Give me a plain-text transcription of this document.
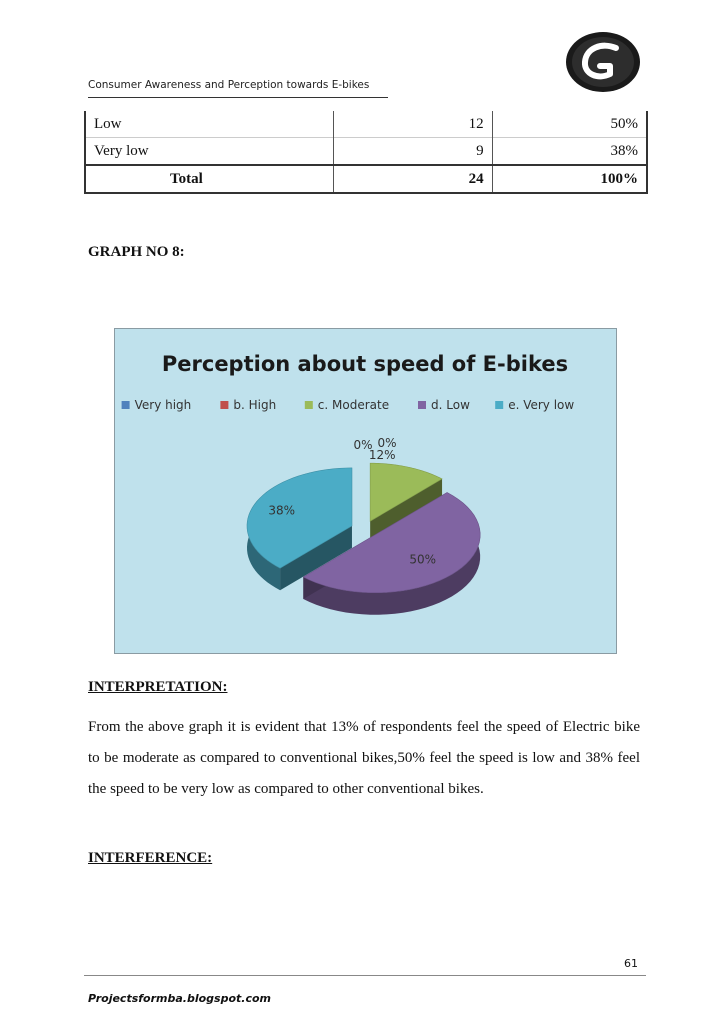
Consumer Awareness and Perception towards E-bikes
Low	12	50%
Very low	9	38%
Total	24	100%
GRAPH NO 8:
Perception about speed of E-bikes
Very high	b. High	c. Moderate	d. Low	e. Very low
0% 0%
12%
50%
38%
INTERPRETATION:
From the above graph it is evident that 13% of respondents feel the speed of Electric bike to be moderate as compared to conventional bikes,50% feel the speed is low and 38% feel the speed to be very low as compared to other conventional bikes.
INTERFERENCE:
61
Projectsformba.blogspot.com
